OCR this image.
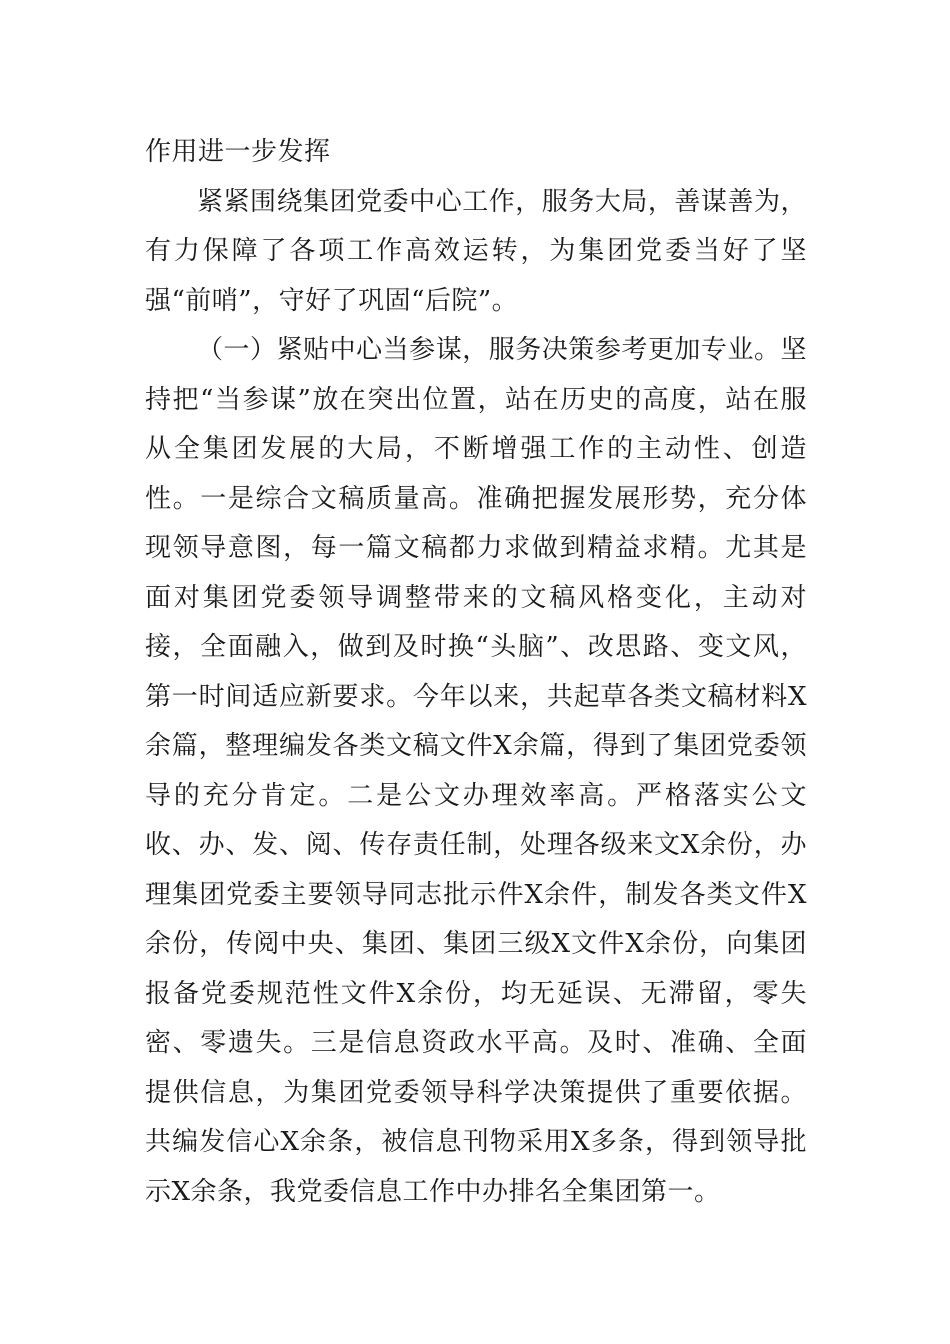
作用进一步发挥

紧紧围绕集团党委中心工作，服务大局，善谋善为，有力保障了各项工作高效运转，为集团党委当好了坚强“前哨”，守好了巩固“后院”。

（一）紧贴中心当参谋，服务决策参考更加专业。坚持把“当参谋”放在突出位置，站在历史的高度，站在服从全集团发展的大局，不断增强工作的主动性、创造性。一是综合文稿质量高。准确把握发展形势，充分体现领导意图，每一篇文稿都力求做到精益求精。尤其是面对集团党委领导调整带来的文稿风格变化，主动对接，全面融入，做到及时换“头脑”、改思路、变文风，第一时间适应新要求。今年以来，共起草各类文稿材料X余篇，整理编发各类文稿文件X余篇，得到了集团党委领导的充分肯定。二是公文办理效率高。严格落实公文收、办、发、阅、传存责任制，处理各级来文X余份，办理集团党委主要领导同志批示件X余件，制发各类文件X余份，传阅中央、集团、集团三级X文件X余份，向集团报备党委规范性文件X余份，均无延误、无滞留，零失密、零遗失。三是信息资政水平高。及时、准确、全面提供信息，为集团党委领导科学决策提供了重要依据。共编发信心X余条，被信息刊物采用X多条，得到领导批示X余条，我党委信息工作中办排名全集团第一。
